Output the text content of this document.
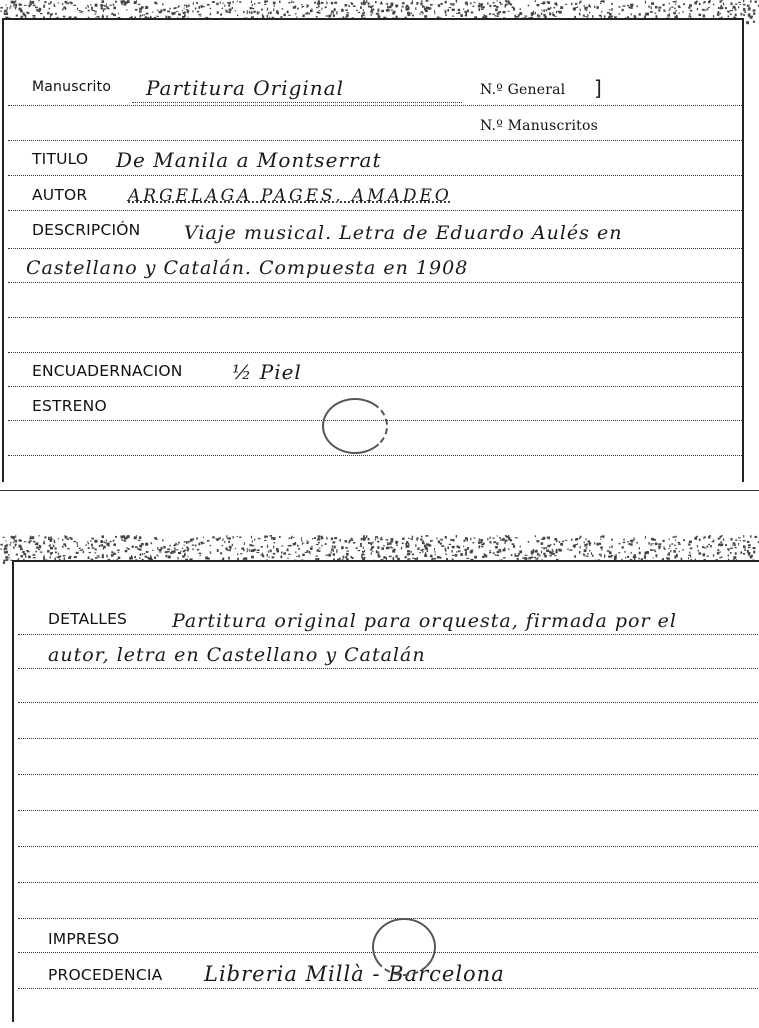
Manuscrito Partitura Original	N.º General ]
N.º Manuscritos
TITULO De Manila a Montserrat
AUTOR ARGELAGA PAGES, AMADEO
DESCRIPCIÓN Viaje musical. Letra de Eduardo Aulés en
Castellano y Catalán. Compuesta en 1908
ENCUADERNACION ½ Piel
ESTRENO
DETALLES Partitura original para orquesta, firmada por el
autor, letra en Castellano y Catalán
IMPRESO
PROCEDENCIA Libreria Millà - Barcelona
